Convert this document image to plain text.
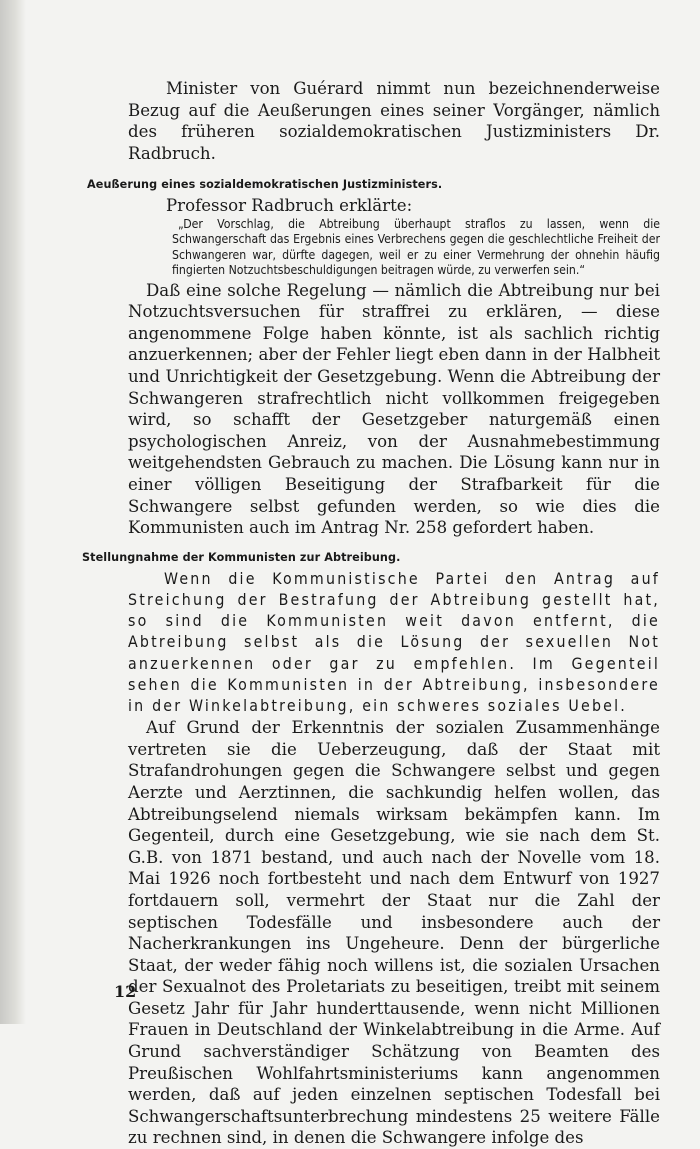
Minister von Guérard nimmt nun bezeichnenderweise Bezug auf die Aeußerungen eines seiner Vorgänger, nämlich des früheren sozialdemokratischen Justizministers Dr. Radbruch.

Aeußerung eines sozialdemokratischen Justizministers.

Professor Radbruch erklärte:

„Der Vorschlag, die Abtreibung überhaupt straflos zu lassen, wenn die Schwangerschaft das Ergebnis eines Verbrechens gegen die geschlechtliche Freiheit der Schwangeren war, dürfte dagegen, weil er zu einer Vermehrung der ohnehin häufig fingierten Notzuchtsbeschuldigungen beitragen würde, zu verwerfen sein.“

Daß eine solche Regelung — nämlich die Abtreibung nur bei Notzuchtsversuchen für straffrei zu erklären, — diese angenommene Folge haben könnte, ist als sachlich richtig anzuerkennen; aber der Fehler liegt eben dann in der Halbheit und Unrichtigkeit der Gesetzgebung. Wenn die Abtreibung der Schwangeren strafrechtlich nicht vollkommen freigegeben wird, so schafft der Gesetzgeber naturgemäß einen psychologischen Anreiz, von der Ausnahmebestimmung weitgehendsten Gebrauch zu machen. Die Lösung kann nur in einer völligen Beseitigung der Strafbarkeit für die Schwangere selbst gefunden werden, so wie dies die Kommunisten auch im Antrag Nr. 258 gefordert haben.

Stellungnahme der Kommunisten zur Abtreibung.

Wenn die Kommunistische Partei den Antrag auf Streichung der Bestrafung der Abtreibung gestellt hat, so sind die Kommunisten weit davon entfernt, die Abtreibung selbst als die Lösung der sexuellen Not anzuerkennen oder gar zu empfehlen. Im Gegenteil sehen die Kommunisten in der Abtreibung, insbesondere in der Winkelabtreibung, ein schweres soziales Uebel.

Auf Grund der Erkenntnis der sozialen Zusammenhänge vertreten sie die Ueberzeugung, daß der Staat mit Strafandrohungen gegen die Schwangere selbst und gegen Aerzte und Aerztinnen, die sachkundig helfen wollen, das Abtreibungselend niemals wirksam bekämpfen kann. Im Gegenteil, durch eine Gesetzgebung, wie sie nach dem St. G.B. von 1871 bestand, und auch nach der Novelle vom 18. Mai 1926 noch fortbesteht und nach dem Entwurf von 1927 fortdauern soll, vermehrt der Staat nur die Zahl der septischen Todesfälle und insbesondere auch der Nacherkrankungen ins Ungeheure. Denn der bürgerliche Staat, der weder fähig noch willens ist, die sozialen Ursachen der Sexualnot des Proletariats zu beseitigen, treibt mit seinem Gesetz Jahr für Jahr hunderttausende, wenn nicht Millionen Frauen in Deutschland der Winkelabtreibung in die Arme. Auf Grund sachverständiger Schätzung von Beamten des Preußischen Wohlfahrtsministeriums kann angenommen werden, daß auf jeden einzelnen septischen Todesfall bei Schwangerschaftsunterbrechung mindestens 25 weitere Fälle zu rechnen sind, in denen die Schwangere infolge des

12
